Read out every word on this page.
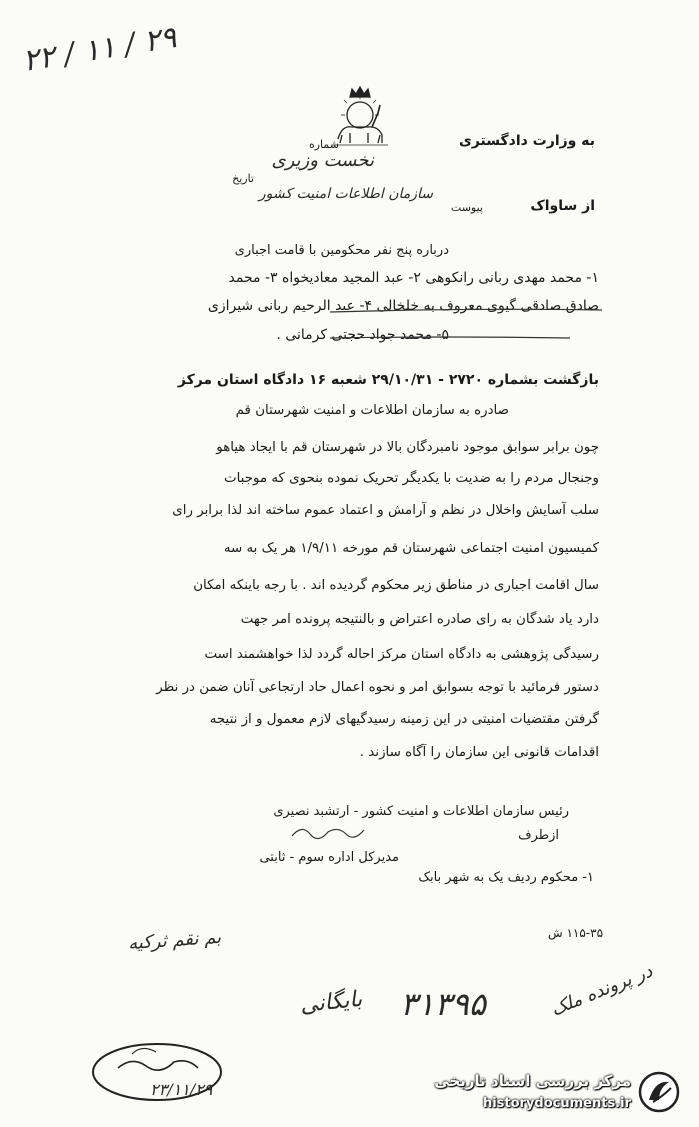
۲۲ / ۱۱ / ۲۹
به وزارت دادگستری
شماره
نخست وزیری
تاریخ
سازمان اطلاعات امنیت کشور
پیوست	از ساواک
درباره پنج نفر محکومین با قامت اجباری
۱- محمد مهدی ربانی رانکوهی ۲- عبد المجید معادیخواه ۳- محمد
صادق صادقی گیوی معروف به خلخالی ۴- عبد الرحیم ربانی شیرازی
۵- محمد جواد حجتی کرمانی .
بازگشت بشماره ۲۷۲۰ - ۲۹/۱۰/۳۱ شعبه ۱۶ دادگاه استان مرکز
صادره به سازمان اطلاعات و امنیت شهرستان قم
چون برابر سوابق موجود نامبردگان بالا در شهرستان قم با ایجاد هیاهو
وجنجال مردم را به ضدیت با یکدیگر تحریک نموده بنحوی که موجبات
سلب آسایش واخلال در نظم و آرامش و اعتماد عموم ساخته اند لذا برابر رای
کمیسیون امنیت اجتماعی شهرستان قم مورخه ۱/۹/۱۱ هر یک به سه
سال اقامت اجباری در مناطق زیر محکوم گردیده اند . با رجه باینکه امکان
دارد یاد شدگان به رای صادره اعتراض و بالنتیجه پرونده امر جهت
رسیدگی پژوهشی به دادگاه استان مرکز احاله گردد لذا خواهشمند است
دستور فرمائید با توجه بسوابق امر و نحوه اعمال حاد ارتجاعی آنان ضمن در نظر
گرفتن مقتضیات امنیتی در این زمینه رسیدگیهای لازم معمول و از نتیجه
اقدامات قانونی این سازمان را آگاه سازند .
رئیس سازمان اطلاعات و امنیت کشور - ارتشبد نصیری
ازطرف
مدیرکل اداره سوم - ثابتی
۱- محکوم ردیف یک به شهر بابک
۱۱۵-۳۵ ش
بم نقم ثرکیه
۳۱۳۹۵
بایگانی	در پرونده ملک
۲۳/۱۱/۲۹	مرکز بررسی اسناد تاریخی
historydocuments.ir
